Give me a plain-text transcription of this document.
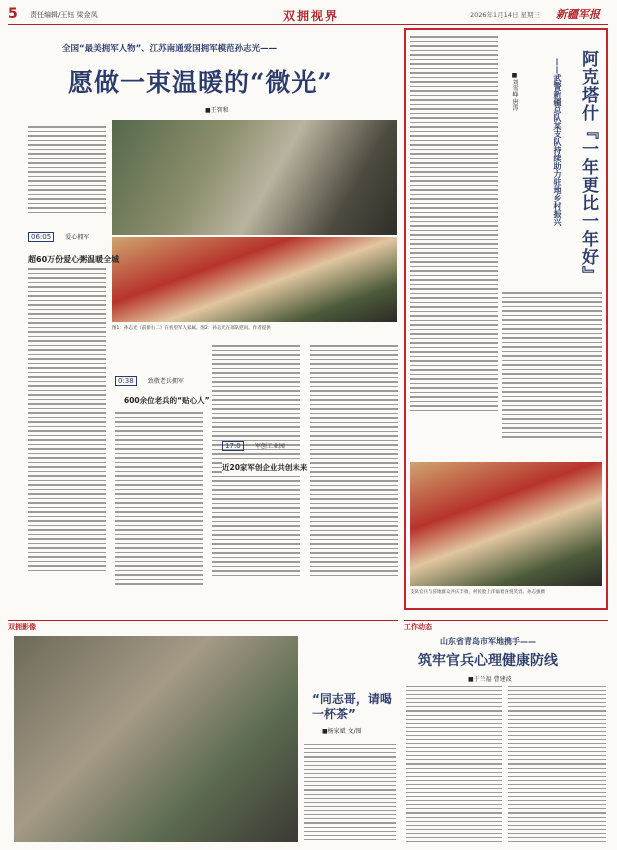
5 责任编辑/王钰 梁金凤	双拥视界	2026年1月14日 星期三 新疆军报
全国“最美拥军人物”、江苏南通爱国拥军模范孙志光——
愿做一束温暖的“微光”
■王智和
图1：孙志光（前排右二）在看望军人家属。图2：孙志光在部队慰问。作者提供
06:05 爱心拥军
超60万份爱心粥温暖全城
0:38 致敬老兵拥军
600余位老兵的“贴心人”
17:0 军创工业园
近20家军创企业共创未来
阿克塔什『一年更比一年好』
——武警新疆总队某支队持续助力驻地乡村振兴
■刘雪峰 唐涛
支队官兵与驻地群众共庆丰收，村民脸上洋溢着喜悦笑容。孙志强摄
双拥影像
“同志哥，请喝一杯茶”
■杨家斌 文/图
工作动态
山东省青岛市军地携手——
筑牢官兵心理健康防线
■于兰福 曹建波
